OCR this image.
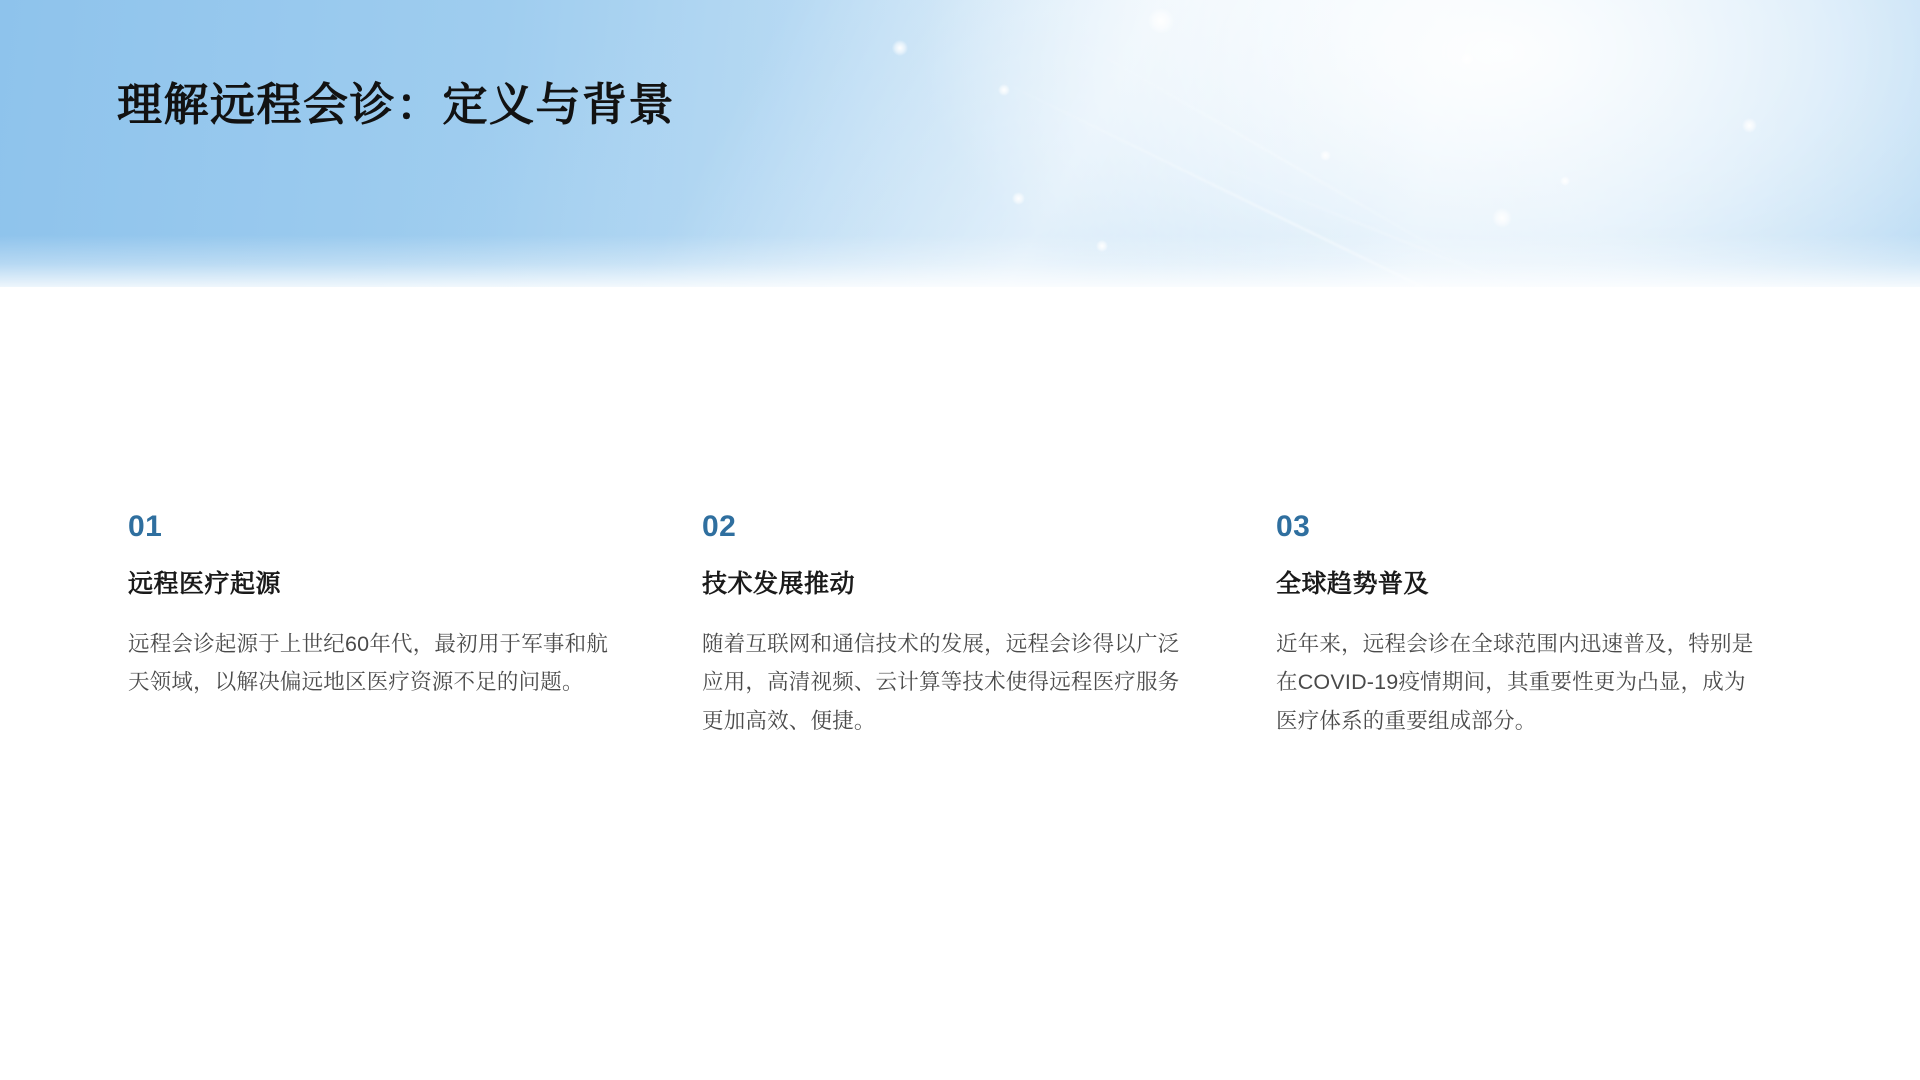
理解远程会诊：定义与背景
01
远程医疗起源
远程会诊起源于上世纪60年代，最初用于军事和航天领域，以解决偏远地区医疗资源不足的问题。
02
技术发展推动
随着互联网和通信技术的发展，远程会诊得以广泛应用，高清视频、云计算等技术使得远程医疗服务更加高效、便捷。
03
全球趋势普及
近年来，远程会诊在全球范围内迅速普及，特别是在COVID-19疫情期间，其重要性更为凸显，成为医疗体系的重要组成部分。
